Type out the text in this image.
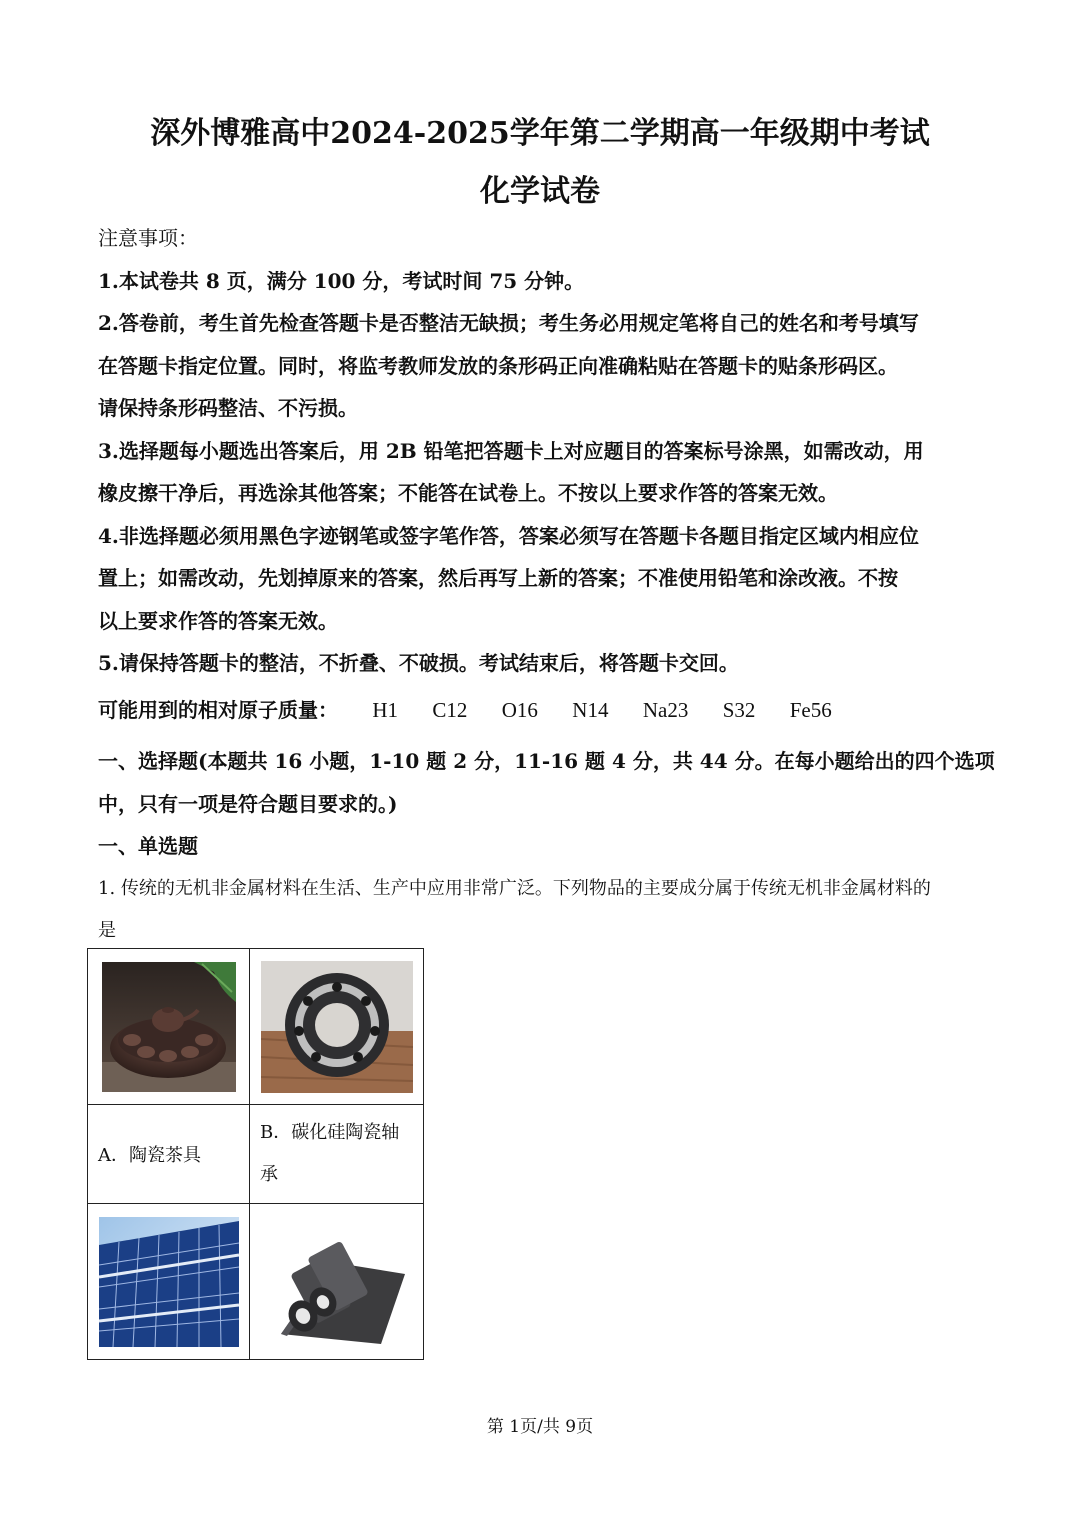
深外博雅高中2024-2025学年第二学期高一年级期中考试
化学试卷
注意事项：
1.本试卷共 8 页，满分 100 分，考试时间 75 分钟。
2.答卷前，考生首先检查答题卡是否整洁无缺损；考生务必用规定笔将自己的姓名和考号填写
在答题卡指定位置。同时，将监考教师发放的条形码正向准确粘贴在答题卡的贴条形码区。
请保持条形码整洁、不污损。
3.选择题每小题选出答案后，用 2B 铅笔把答题卡上对应题目的答案标号涂黑，如需改动，用
橡皮擦干净后，再选涂其他答案；不能答在试卷上。不按以上要求作答的答案无效。
4.非选择题必须用黑色字迹钢笔或签字笔作答，答案必须写在答题卡各题目指定区域内相应位
置上；如需改动，先划掉原来的答案，然后再写上新的答案；不准使用铅笔和涂改液。不按
以上要求作答的答案无效。
5.请保持答题卡的整洁，不折叠、不破损。考试结束后，将答题卡交回。
可能用到的相对原子质量： H1 C12 O16 N14 Na23 S32 Fe56
一、选择题(本题共 16 小题，1-10 题 2 分，11-16 题 4 分，共 44 分。在每小题给出的四个选项
中，只有一项是符合题目要求的。)
一、单选题
1. 传统的无机非金属材料在生活、生产中应用非常广泛。下列物品的主要成分属于传统无机非金属材料的
是

A．陶瓷茶具	B．碳化硅陶瓷轴
承

第 1页/共 9页
